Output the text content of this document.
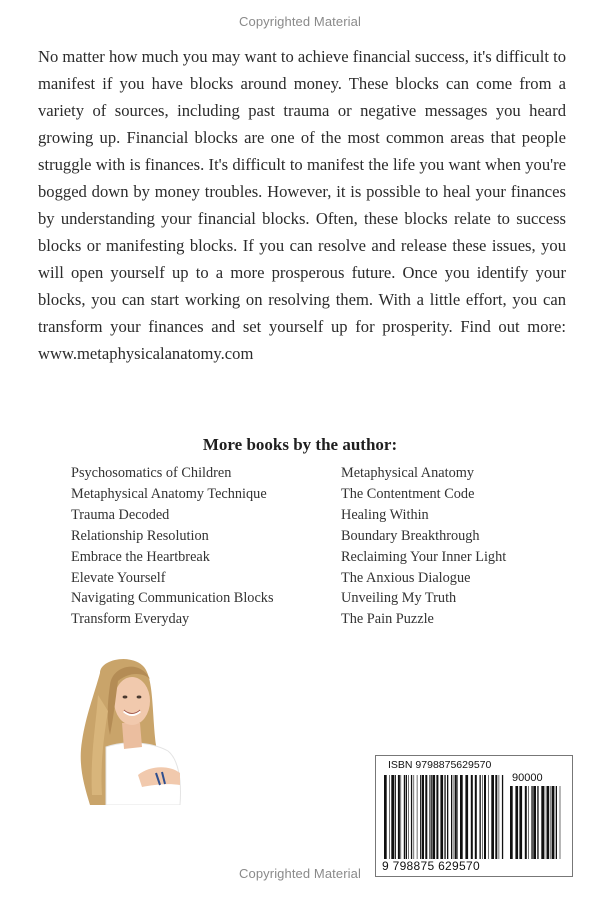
Copyrighted Material

No matter how much you may want to achieve financial success, it's difficult to manifest if you have blocks around money. These blocks can come from a variety of sources, including past trauma or negative messages you heard growing up. Financial blocks are one of the most common areas that people struggle with is finances. It's difficult to manifest the life you want when you're bogged down by money troubles. However, it is possible to heal your finances by understanding your financial blocks. Often, these blocks relate to success blocks or manifesting blocks. If you can resolve and release these issues, you will open yourself up to a more prosperous future. Once you identify your blocks, you can start working on resolving them. With a little effort, you can transform your finances and set yourself up for prosperity. Find out more: www.metaphysicalanatomy.com

More books by the author:
Psychosomatics of Children
Metaphysical Anatomy Technique
Trauma Decoded
Relationship Resolution
Embrace the Heartbreak
Elevate Yourself
Navigating Communication Blocks
Transform Everyday
Metaphysical Anatomy
The Contentment Code
Healing Within
Boundary Breakthrough
Reclaiming Your Inner Light
The Anxious Dialogue
Unveiling My Truth
The Pain Puzzle
ISBN 9798875629570
90000
9 798875 629570
Copyrighted Material
